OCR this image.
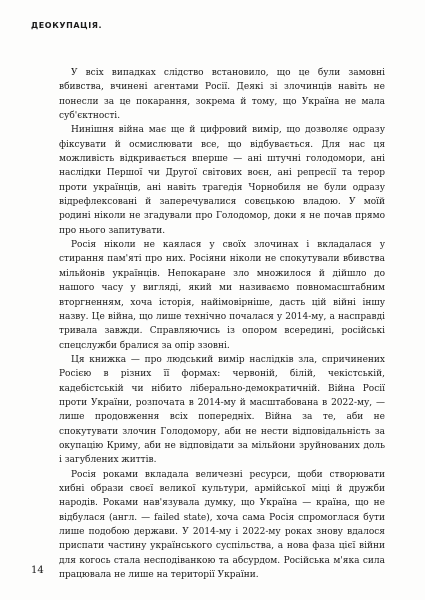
ДЕОКУПАЦІЯ.

У всіх випадках слідство встановило, що це були замовні вбивства, вчинені агентами Росії. Деякі зі злочинців навіть не понесли за це покарання, зокрема й тому, що Україна не мала суб'єктності.

Нинішня війна має ще й цифровий вимір, що дозволяє одразу фіксувати й осмислювати все, що відбувається. Для нас ця можливість відкривається вперше — ані штучні голодомори, ані наслідки Першої чи Другої світових воєн, ані репресії та терор проти українців, ані навіть трагедія Чорнобиля не були одразу відрефлексовані й заперечувалися совєцькою владою. У моїй родині ніколи не згадували про Голодомор, доки я не почав прямо про нього запитувати.

Росія ніколи не каялася у своїх злочинах і вкладалася у стирання пам'яті про них. Росіяни ніколи не спокутували вбивства мільйонів українців. Непокаране зло множилося й дійшло до нашого часу у вигляді, який ми називаємо повномасштабним вторгненням, хоча історія, найімовірніше, дасть цій війні іншу назву. Це війна, що лише технічно почалася у 2014-му, а насправді тривала завжди. Справляючись із опором всередині, російські спецслужби бралися за опір ззовні.

Ця книжка — про людський вимір наслідків зла, спричинених Росією в різних її формах: червоній, білій, чекістській, кадебістській чи нібито ліберально-демократичній. Війна Росії проти України, розпочата в 2014-му й масштабована в 2022-му, — лише продовження всіх попередніх. Війна за те, аби не спокутувати злочин Голодомору, аби не нести відповідальність за окупацію Криму, аби не відповідати за мільйони зруйнованих доль і загублених життів.

Росія роками вкладала величезні ресурси, щоби створювати хибні образи своєї великої культури, армійської міці й дружби народів. Роками нав'язувала думку, що Україна — країна, що не відбулася (англ. — failed state), хоча сама Росія спромоглася бути лише подобою держави. У 2014-му і 2022-му роках знову вдалося приспати частину українського суспільства, а нова фаза цієї війни для когось стала несподіванкою та абсурдом. Російська м'яка сила працювала не лише на території України.

14
